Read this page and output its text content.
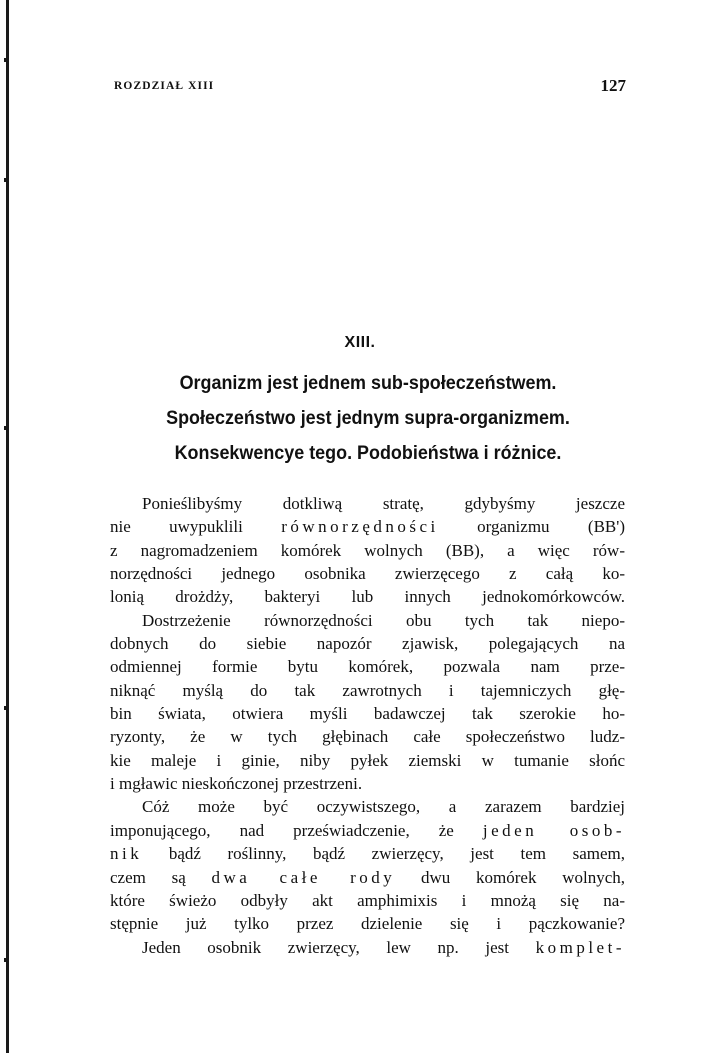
ROZDZIAŁ XIII	127
XIII.
Organizm jest jednem sub-społeczeństwem.
Społeczeństwo jest jednym supra-organizmem.
Konsekwencye tego. Podobieństwa i różnice.
Ponieślibyśmy dotkliwą stratę, gdybyśmy jeszcze
nie uwypuklili równorzędności organizmu (BB')
z nagromadzeniem komórek wolnych (BB), a więc rów-
norzędności jednego osobnika zwierzęcego z całą ko-
lonią drożdży, bakteryi lub innych jednokomórkowców.
Dostrzeżenie równorzędności obu tych tak niepo-
dobnych do siebie napozór zjawisk, polegających na
odmiennej formie bytu komórek, pozwala nam prze-
niknąć myślą do tak zawrotnych i tajemniczych głę-
bin świata, otwiera myśli badawczej tak szerokie ho-
ryzonty, że w tych głębinach całe społeczeństwo ludz-
kie maleje i ginie, niby pyłek ziemski w tumanie słońc
i mgławic nieskończonej przestrzeni.
Cóż może być oczywistszego, a zarazem bardziej
imponującego, nad przeświadczenie, że jeden osob-
nik bądź roślinny, bądź zwierzęcy, jest tem samem,
czem są dwa całe rody dwu komórek wolnych,
które świeżo odbyły akt amphimixis i mnożą się na-
stępnie już tylko przez dzielenie się i pączkowanie?
Jeden osobnik zwierzęcy, lew np. jest komplet-
